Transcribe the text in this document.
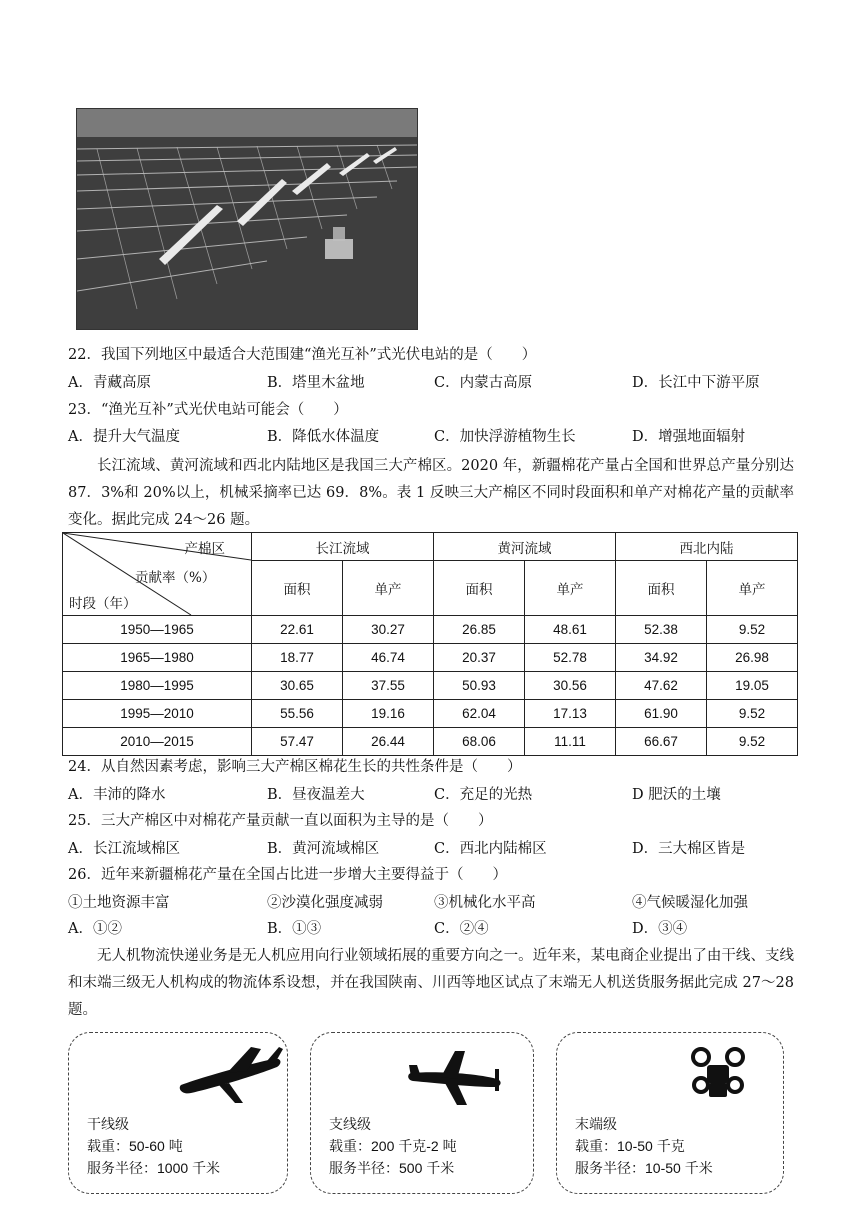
22．我国下列地区中最适合大范围建“渔光互补”式光伏电站的是（　　）
A．青藏高原	B．塔里木盆地	C．内蒙古高原	D．长江中下游平原
23．“渔光互补”式光伏电站可能会（　　）
A．提升大气温度	B．降低水体温度	C．加快浮游植物生长	D．增强地面辐射
长江流域、黄河流域和西北内陆地区是我国三大产棉区。2020 年，新疆棉花产量占全国和世界总产量分别达 87．3%和 20%以上，机械采摘率已达 69．8%。表 1 反映三大产棉区不同时段面积和单产对棉花产量的贡献率变化。据此完成 24～26 题。
产棉区
贡献率（%）
时段（年）	长江流域		黄河流域		西北内陆	
	面积	单产	面积	单产	面积	单产
1950—1965	22.61	30.27	26.85	48.61	52.38	9.52
1965—1980	18.77	46.74	20.37	52.78	34.92	26.98
1980—1995	30.65	37.55	50.93	30.56	47.62	19.05
1995—2010	55.56	19.16	62.04	17.13	61.90	9.52
2010—2015	57.47	26.44	68.06	11.11	66.67	9.52
24．从自然因素考虑，影响三大产棉区棉花生长的共性条件是（　　）
A．丰沛的降水	B．昼夜温差大	C．充足的光热	D 肥沃的土壤
25．三大产棉区中对棉花产量贡献一直以面积为主导的是（　　）
A．长江流域棉区	B．黄河流域棉区	C．西北内陆棉区	D．三大棉区皆是
26．近年来新疆棉花产量在全国占比进一步增大主要得益于（　　）
①土地资源丰富	②沙漠化强度减弱	③机械化水平高	④气候暖湿化加强
A．①②	B．①③	C．②④	D．③④
无人机物流快递业务是无人机应用向行业领域拓展的重要方向之一。近年来，某电商企业提出了由干线、支线和末端三级无人机构成的物流体系设想，并在我国陕南、川西等地区试点了末端无人机送货服务据此完成 27～28 题。
干线级
载重：50-60 吨
服务半径：1000 千米
支线级
载重：200 千克-2 吨
服务半径：500 千米
末端级
载重：10-50 千克
服务半径：10-50 千米
